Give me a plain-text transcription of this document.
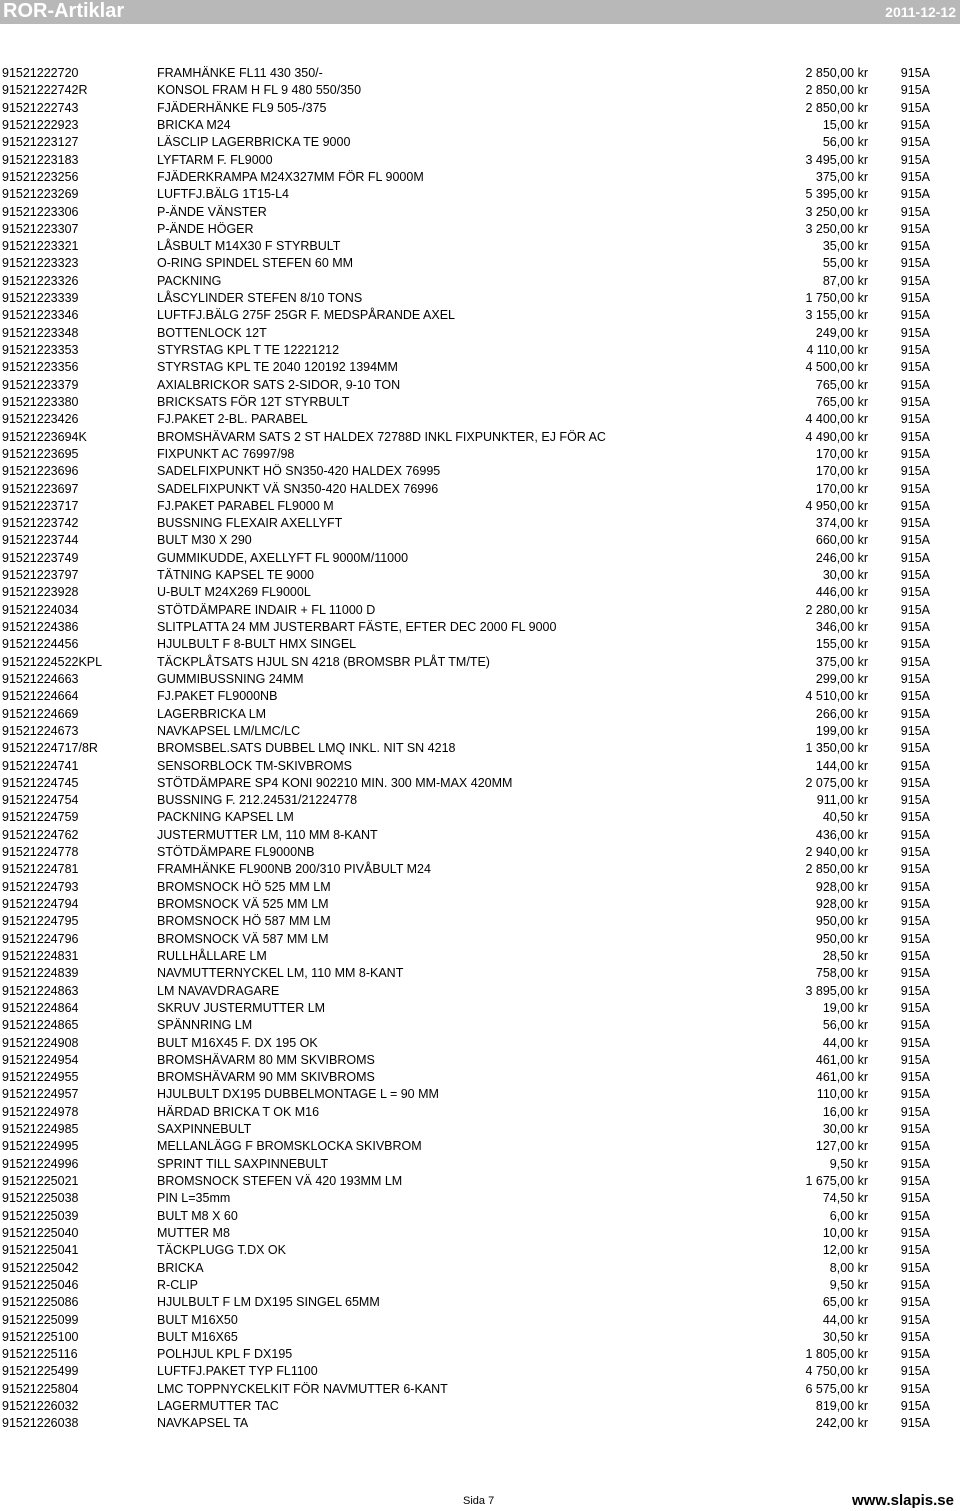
ROR-Artiklar	2011-12-12
91521222720	FRAMHÄNKE FL11 430 350/-	2 850,00 kr	915A
91521222742R	KONSOL FRAM H FL 9 480 550/350	2 850,00 kr	915A
91521222743	FJÄDERHÄNKE FL9 505-/375	2 850,00 kr	915A
91521222923	BRICKA M24	15,00 kr	915A
91521223127	LÄSCLIP LAGERBRICKA TE 9000	56,00 kr	915A
91521223183	LYFTARM F. FL9000	3 495,00 kr	915A
91521223256	FJÄDERKRAMPA M24X327MM FÖR FL 9000M	375,00 kr	915A
91521223269	LUFTFJ.BÄLG 1T15-L4	5 395,00 kr	915A
91521223306	P-ÄNDE VÄNSTER	3 250,00 kr	915A
91521223307	P-ÄNDE HÖGER	3 250,00 kr	915A
91521223321	LÅSBULT M14X30 F STYRBULT	35,00 kr	915A
91521223323	O-RING SPINDEL STEFEN 60 MM	55,00 kr	915A
91521223326	PACKNING	87,00 kr	915A
91521223339	LÅSCYLINDER STEFEN 8/10 TONS	1 750,00 kr	915A
91521223346	LUFTFJ.BÄLG 275F 25GR F. MEDSPÅRANDE AXEL	3 155,00 kr	915A
91521223348	BOTTENLOCK 12T	249,00 kr	915A
91521223353	STYRSTAG KPL T TE 12221212	4 110,00 kr	915A
91521223356	STYRSTAG KPL TE 2040 120192 1394MM	4 500,00 kr	915A
91521223379	AXIALBRICKOR SATS 2-SIDOR, 9-10 TON	765,00 kr	915A
91521223380	BRICKSATS FÖR 12T STYRBULT	765,00 kr	915A
91521223426	FJ.PAKET 2-BL. PARABEL	4 400,00 kr	915A
91521223694K	BROMSHÄVARM SATS 2 ST HALDEX 72788D INKL FIXPUNKTER, EJ FÖR AC	4 490,00 kr	915A
91521223695	FIXPUNKT AC 76997/98	170,00 kr	915A
91521223696	SADELFIXPUNKT HÖ SN350-420 HALDEX 76995	170,00 kr	915A
91521223697	SADELFIXPUNKT VÄ SN350-420 HALDEX 76996	170,00 kr	915A
91521223717	FJ.PAKET PARABEL FL9000 M	4 950,00 kr	915A
91521223742	BUSSNING FLEXAIR AXELLYFT	374,00 kr	915A
91521223744	BULT M30 X 290	660,00 kr	915A
91521223749	GUMMIKUDDE, AXELLYFT FL 9000M/11000	246,00 kr	915A
91521223797	TÄTNING KAPSEL TE 9000	30,00 kr	915A
91521223928	U-BULT M24X269 FL9000L	446,00 kr	915A
91521224034	STÖTDÄMPARE INDAIR + FL 11000 D	2 280,00 kr	915A
91521224386	SLITPLATTA 24 MM JUSTERBART FÄSTE, EFTER DEC 2000 FL 9000	346,00 kr	915A
91521224456	HJULBULT F 8-BULT HMX SINGEL	155,00 kr	915A
91521224522KPL	TÄCKPLÅTSATS HJUL SN 4218 (BROMSBR PLÅT TM/TE)	375,00 kr	915A
91521224663	GUMMIBUSSNING 24MM	299,00 kr	915A
91521224664	FJ.PAKET FL9000NB	4 510,00 kr	915A
91521224669	LAGERBRICKA LM	266,00 kr	915A
91521224673	NAVKAPSEL LM/LMC/LC	199,00 kr	915A
91521224717/8R	BROMSBEL.SATS DUBBEL LMQ INKL. NIT SN 4218	1 350,00 kr	915A
91521224741	SENSORBLOCK TM-SKIVBROMS	144,00 kr	915A
91521224745	STÖTDÄMPARE SP4 KONI 902210 MIN. 300 MM-MAX 420MM	2 075,00 kr	915A
91521224754	BUSSNING F. 212.24531/21224778	911,00 kr	915A
91521224759	PACKNING KAPSEL LM	40,50 kr	915A
91521224762	JUSTERMUTTER LM, 110 MM 8-KANT	436,00 kr	915A
91521224778	STÖTDÄMPARE FL9000NB	2 940,00 kr	915A
91521224781	FRAMHÄNKE FL900NB 200/310 PIVÅBULT M24	2 850,00 kr	915A
91521224793	BROMSNOCK HÖ 525 MM LM	928,00 kr	915A
91521224794	BROMSNOCK VÄ 525 MM LM	928,00 kr	915A
91521224795	BROMSNOCK HÖ 587 MM LM	950,00 kr	915A
91521224796	BROMSNOCK VÄ 587 MM LM	950,00 kr	915A
91521224831	RULLHÅLLARE LM	28,50 kr	915A
91521224839	NAVMUTTERNYCKEL LM, 110 MM 8-KANT	758,00 kr	915A
91521224863	LM NAVAVDRAGARE	3 895,00 kr	915A
91521224864	SKRUV JUSTERMUTTER LM	19,00 kr	915A
91521224865	SPÄNNRING LM	56,00 kr	915A
91521224908	BULT M16X45 F. DX 195 OK	44,00 kr	915A
91521224954	BROMSHÄVARM 80 MM SKVIBROMS	461,00 kr	915A
91521224955	BROMSHÄVARM 90 MM SKIVBROMS	461,00 kr	915A
91521224957	HJULBULT DX195 DUBBELMONTAGE L = 90 MM	110,00 kr	915A
91521224978	HÄRDAD BRICKA T OK M16	16,00 kr	915A
91521224985	SAXPINNEBULT	30,00 kr	915A
91521224995	MELLANLÄGG F BROMSKLOCKA SKIVBROM	127,00 kr	915A
91521224996	SPRINT TILL SAXPINNEBULT	9,50 kr	915A
91521225021	BROMSNOCK STEFEN VÄ 420 193MM LM	1 675,00 kr	915A
91521225038	PIN L=35mm	74,50 kr	915A
91521225039	BULT M8 X 60	6,00 kr	915A
91521225040	MUTTER M8	10,00 kr	915A
91521225041	TÄCKPLUGG T.DX OK	12,00 kr	915A
91521225042	BRICKA	8,00 kr	915A
91521225046	R-CLIP	9,50 kr	915A
91521225086	HJULBULT F LM DX195 SINGEL 65MM	65,00 kr	915A
91521225099	BULT M16X50	44,00 kr	915A
91521225100	BULT M16X65	30,50 kr	915A
91521225116	POLHJUL KPL F DX195	1 805,00 kr	915A
91521225499	LUFTFJ.PAKET TYP FL1100	4 750,00 kr	915A
91521225804	LMC TOPPNYCKELKIT FÖR NAVMUTTER 6-KANT	6 575,00 kr	915A
91521226032	LAGERMUTTER TAC	819,00 kr	915A
91521226038	NAVKAPSEL TA	242,00 kr	915A
Sida 7	www.slapis.se
